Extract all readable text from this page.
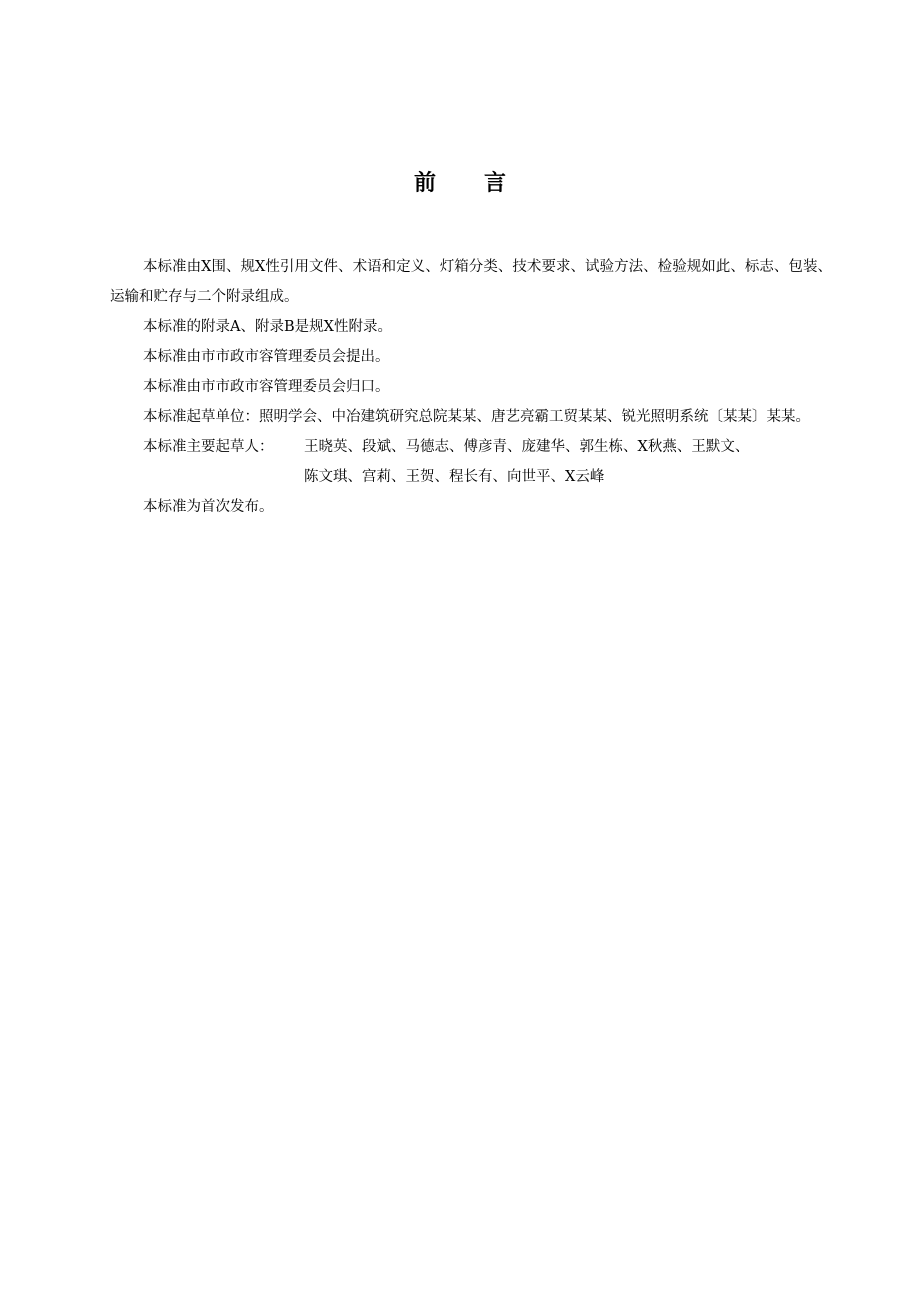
前言

本标准由X围、规X性引用文件、术语和定义、灯箱分类、技术要求、试验方法、检验规如此、标志、包装、运输和贮存与二个附录组成。

本标准的附录A、附录B是规X性附录。

本标准由市市政市容管理委员会提出。

本标准由市市政市容管理委员会归口。

本标准起草单位：照明学会、中冶建筑研究总院某某、唐艺亮霸工贸某某、锐光照明系统〔某某〕某某。

本标准主要起草人：	王晓英、段斌、马德志、傅彦青、庞建华、郭生栋、X秋燕、王默文、
陈文琪、宫莉、王贺、程长有、向世平、X云峰

本标准为首次发布。
